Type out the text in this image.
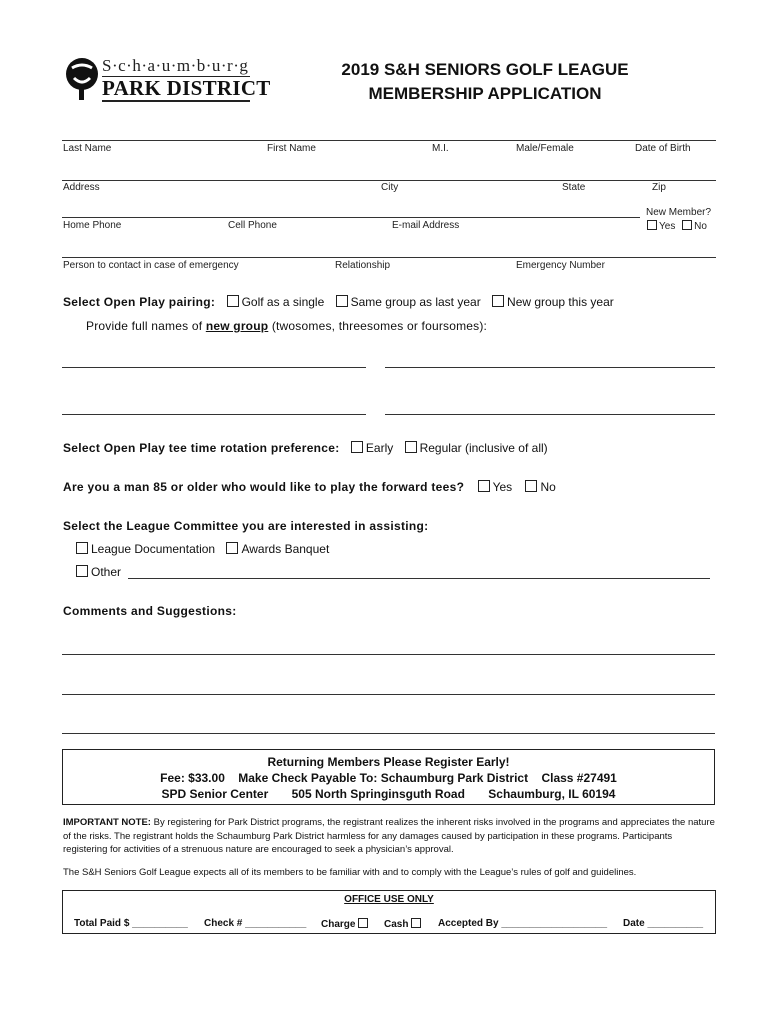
S·c·h·a·u·m·b·u·r·g
PARK DISTRICT
2019 S&H SENIORS GOLF LEAGUE
MEMBERSHIP APPLICATION
Last Name	First Name	M.I.	Male/Female	Date of Birth
Address	City	State	Zip
Home Phone	Cell Phone	E-mail Address
New Member?
Yes No
Person to contact in case of emergency	Relationship	Emergency Number
Select Open Play pairing: Golf as a single Same group as last year New group this year
Provide full names of new group (twosomes, threesomes or foursomes):
Select Open Play tee time rotation preference: Early Regular (inclusive of all)
Are you a man 85 or older who would like to play the forward tees? Yes No
Select the League Committee you are interested in assisting:
League Documentation Awards Banquet
Other
Comments and Suggestions:
Returning Members Please Register Early!
Fee: $33.00 Make Check Payable To: Schaumburg Park District Class #27491
SPD Senior Center 505 North Springinsguth Road Schaumburg, IL 60194
IMPORTANT NOTE: By registering for Park District programs, the registrant realizes the inherent risks involved in the programs and appreciates the nature of the risks. The registrant holds the Schaumburg Park District harmless for any damages caused by participation in these programs. Participants registering for activities of a strenuous nature are encouraged to seek a physician’s approval.
The S&H Seniors Golf League expects all of its members to be familiar with and to comply with the League’s rules of golf and guidelines.
OFFICE USE ONLY
Total Paid $ __________ Check # ___________ Charge	Cash	Accepted By ___________________ Date __________
